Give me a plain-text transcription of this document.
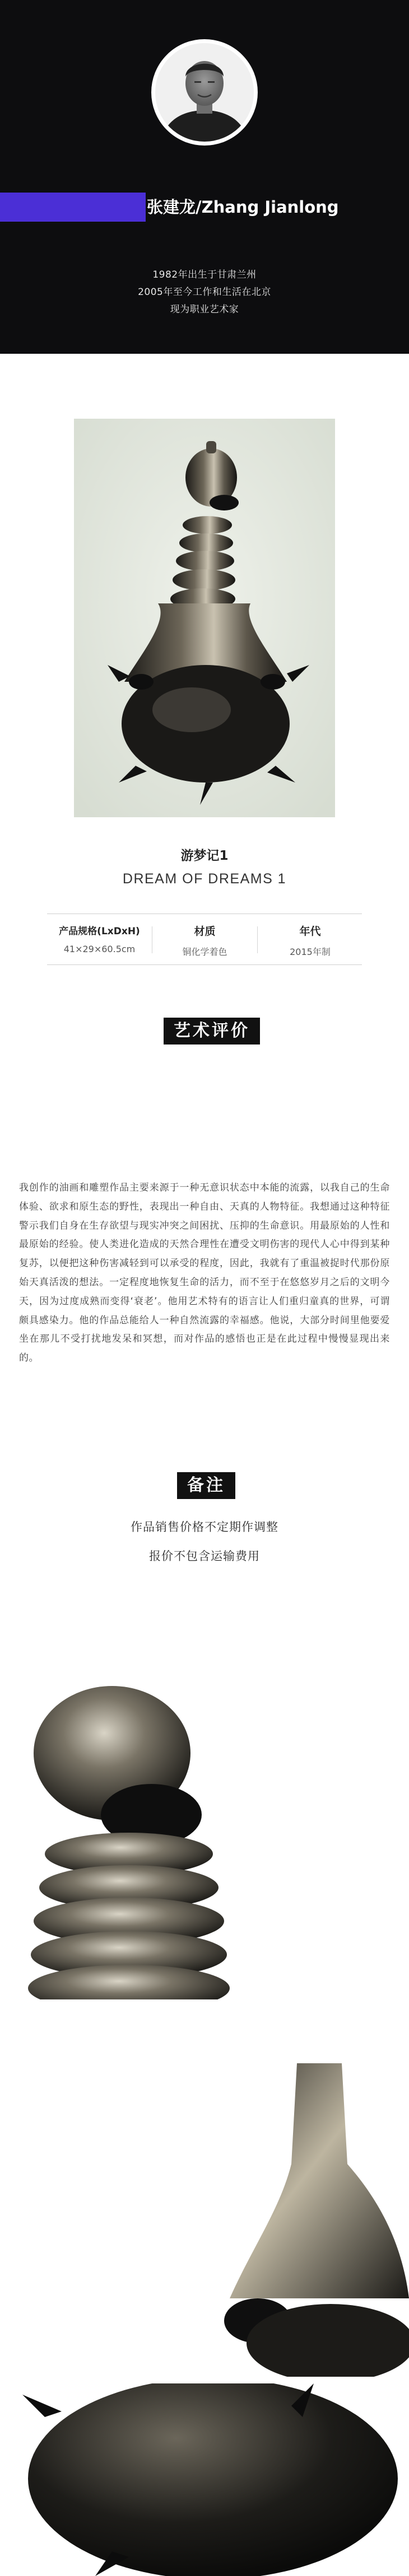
张建龙/Zhang Jianlong
1982年出生于甘肃兰州
2005年至今工作和生活在北京
现为职业艺术家
游梦记1
DREAM OF DREAMS 1
产品规格(LxDxH)
41×29×60.5cm
材质
铜化学着色
年代
2015年制
艺术评价
我创作的油画和雕塑作品主要来源于一种无意识状态中本能的流露，以我自己的生命体验、欲求和原生态的野性，表现出一种自由、天真的人物特征。我想通过这种特征警示我们自身在生存欲望与现实冲突之间困扰、压抑的生命意识。用最原始的人性和最原始的经验。使人类进化造成的天然合理性在遭受文明伤害的现代人心中得到某种复苏，以便把这种伤害减轻到可以承受的程度，因此，我就有了重温被捉时代那份原始天真活泼的想法。一定程度地恢复生命的活力，而不至于在悠悠岁月之后的文明今天，因为过度成熟而变得‘衰老’。他用艺术特有的语言让人们重归童真的世界，可谓颇具感染力。他的作品总能给人一种自然流露的幸福感。他说，大部分时间里他要爱坐在那儿不受打扰地发呆和冥想，而对作品的感悟也正是在此过程中慢慢显现出来的。
备注
作品销售价格不定期作调整
报价不包含运输费用
